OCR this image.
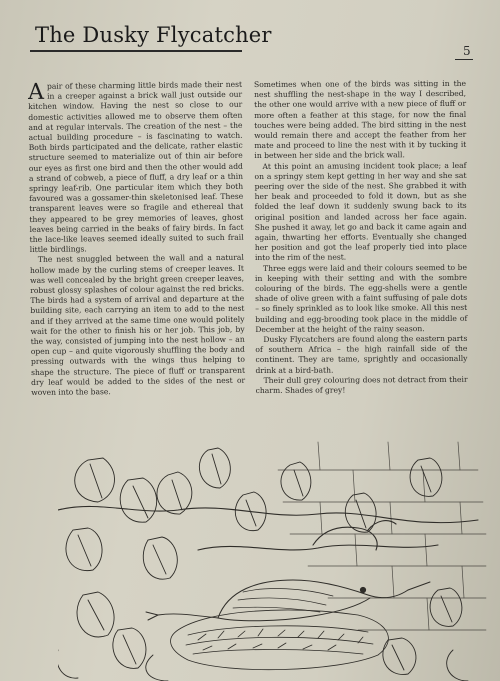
The Dusky Flycatcher
5

Apair of these charming little birds made their nest in a creeper against a brick wall just outside our kitchen window. Having the nest so close to our domestic activities allowed me to observe them often and at regular intervals. The creation of the nest – the actual building procedure – is fascinating to watch. Both birds participated and the delicate, rather elastic structure seemed to materialize out of thin air before our eyes as first one bird and then the other would add a strand of cobweb, a piece of fluff, a dry leaf or a thin springy leaf-rib. One particular item which they both favoured was a gossamer-thin skeletonised leaf. These transparent leaves were so fragile and ethereal that they appeared to be grey memories of leaves, ghost leaves being carried in the beaks of fairy birds. In fact the lace-like leaves seemed ideally suited to such frail little birdlings.

The nest snuggled between the wall and a natural hollow made by the curling stems of creeper leaves. It was well concealed by the bright green creeper leaves, robust glossy splashes of colour against the red bricks. The birds had a system of arrival and departure at the building site, each carrying an item to add to the nest and if they arrived at the same time one would politely wait for the other to finish his or her job. This job, by the way, consisted of jumping into the nest hollow – an open cup – and quite vigorously shuffling the body and pressing outwards with the wings thus helping to shape the structure. The piece of fluff or transparent dry leaf would be added to the sides of the nest or woven into the base.

Sometimes when one of the birds was sitting in the nest shuffling the nest-shape in the way I described, the other one would arrive with a new piece of fluff or more often a feather at this stage, for now the final touches were being added. The bird sitting in the nest would remain there and accept the feather from her mate and proceed to line the nest with it by tucking it in between her side and the brick wall.

At this point an amusing incident took place; a leaf on a springy stem kept getting in her way and she sat peering over the side of the nest. She grabbed it with her beak and proceeded to fold it down, but as she folded the leaf down it suddenly swung back to its original position and landed across her face again. She pushed it away, let go and back it came again and again, thwarting her efforts. Eventually she changed her position and got the leaf properly tied into place into the rim of the nest.

Three eggs were laid and their colours seemed to be in keeping with their setting and with the sombre colouring of the birds. The egg-shells were a gentle shade of olive green with a faint suffusing of pale dots – so finely sprinkled as to look like smoke. All this nest building and egg-brooding took place in the middle of December at the height of the rainy season.

Dusky Flycatchers are found along the eastern parts of southern Africa – the high rainfall side of the continent. They are tame, sprightly and occasionally drink at a bird-bath.

Their dull grey colouring does not detract from their charm. Shades of grey!
